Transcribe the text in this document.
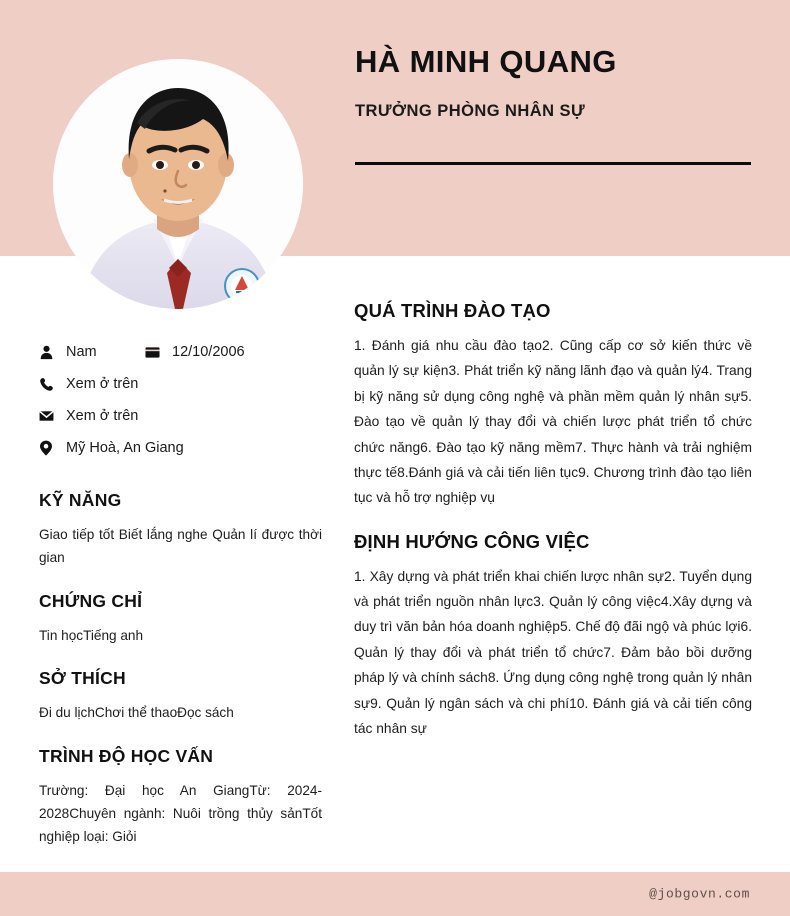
HÀ MINH QUANG
TRƯỞNG PHÒNG NHÂN SỰ
Nam	12/10/2006
Xem ở trên
Xem ở trên
Mỹ Hoà, An Giang
KỸ NĂNG
Giao tiếp tốt Biết lắng nghe Quản lí được thời gian
CHỨNG CHỈ
Tin họcTiếng anh
SỞ THÍCH
Đi du lịchChơi thể thaoĐọc sách
TRÌNH ĐỘ HỌC VẤN
Trường: Đại học An GiangTừ: 2024-2028Chuyên ngành: Nuôi trồng thủy sảnTốt nghiệp loại: Giỏi
QUÁ TRÌNH ĐÀO TẠO
1. Đánh giá nhu cầu đào tạo2. Cũng cấp cơ sở kiến thức về quản lý sự kiện3. Phát triển kỹ năng lãnh đạo và quản lý4. Trang bị kỹ năng sử dụng công nghệ và phần mềm quản lý nhân sự5. Đào tạo về quản lý thay đổi và chiến lược phát triển tổ chức chức năng6. Đào tạo kỹ năng mềm7. Thực hành và trải nghiệm thực tế8.Đánh giá và cải tiến liên tục9. Chương trình đào tạo liên tục và hỗ trợ nghiệp vụ
ĐỊNH HƯỚNG CÔNG VIỆC
1. Xây dựng và phát triển khai chiến lược nhân sự2. Tuyển dụng và phát triển nguồn nhân lực3. Quản lý công việc4.Xây dựng và duy trì văn bản hóa doanh nghiệp5. Chế độ đãi ngộ và phúc lợi6. Quản lý thay đổi và phát triển tổ chức7. Đảm bảo bồi dưỡng pháp lý và chính sách8. Ứng dụng công nghệ trong quản lý nhân sự9. Quản lý ngân sách và chi phí10. Đánh giá và cải tiến công tác nhân sự
@jobgovn.com
